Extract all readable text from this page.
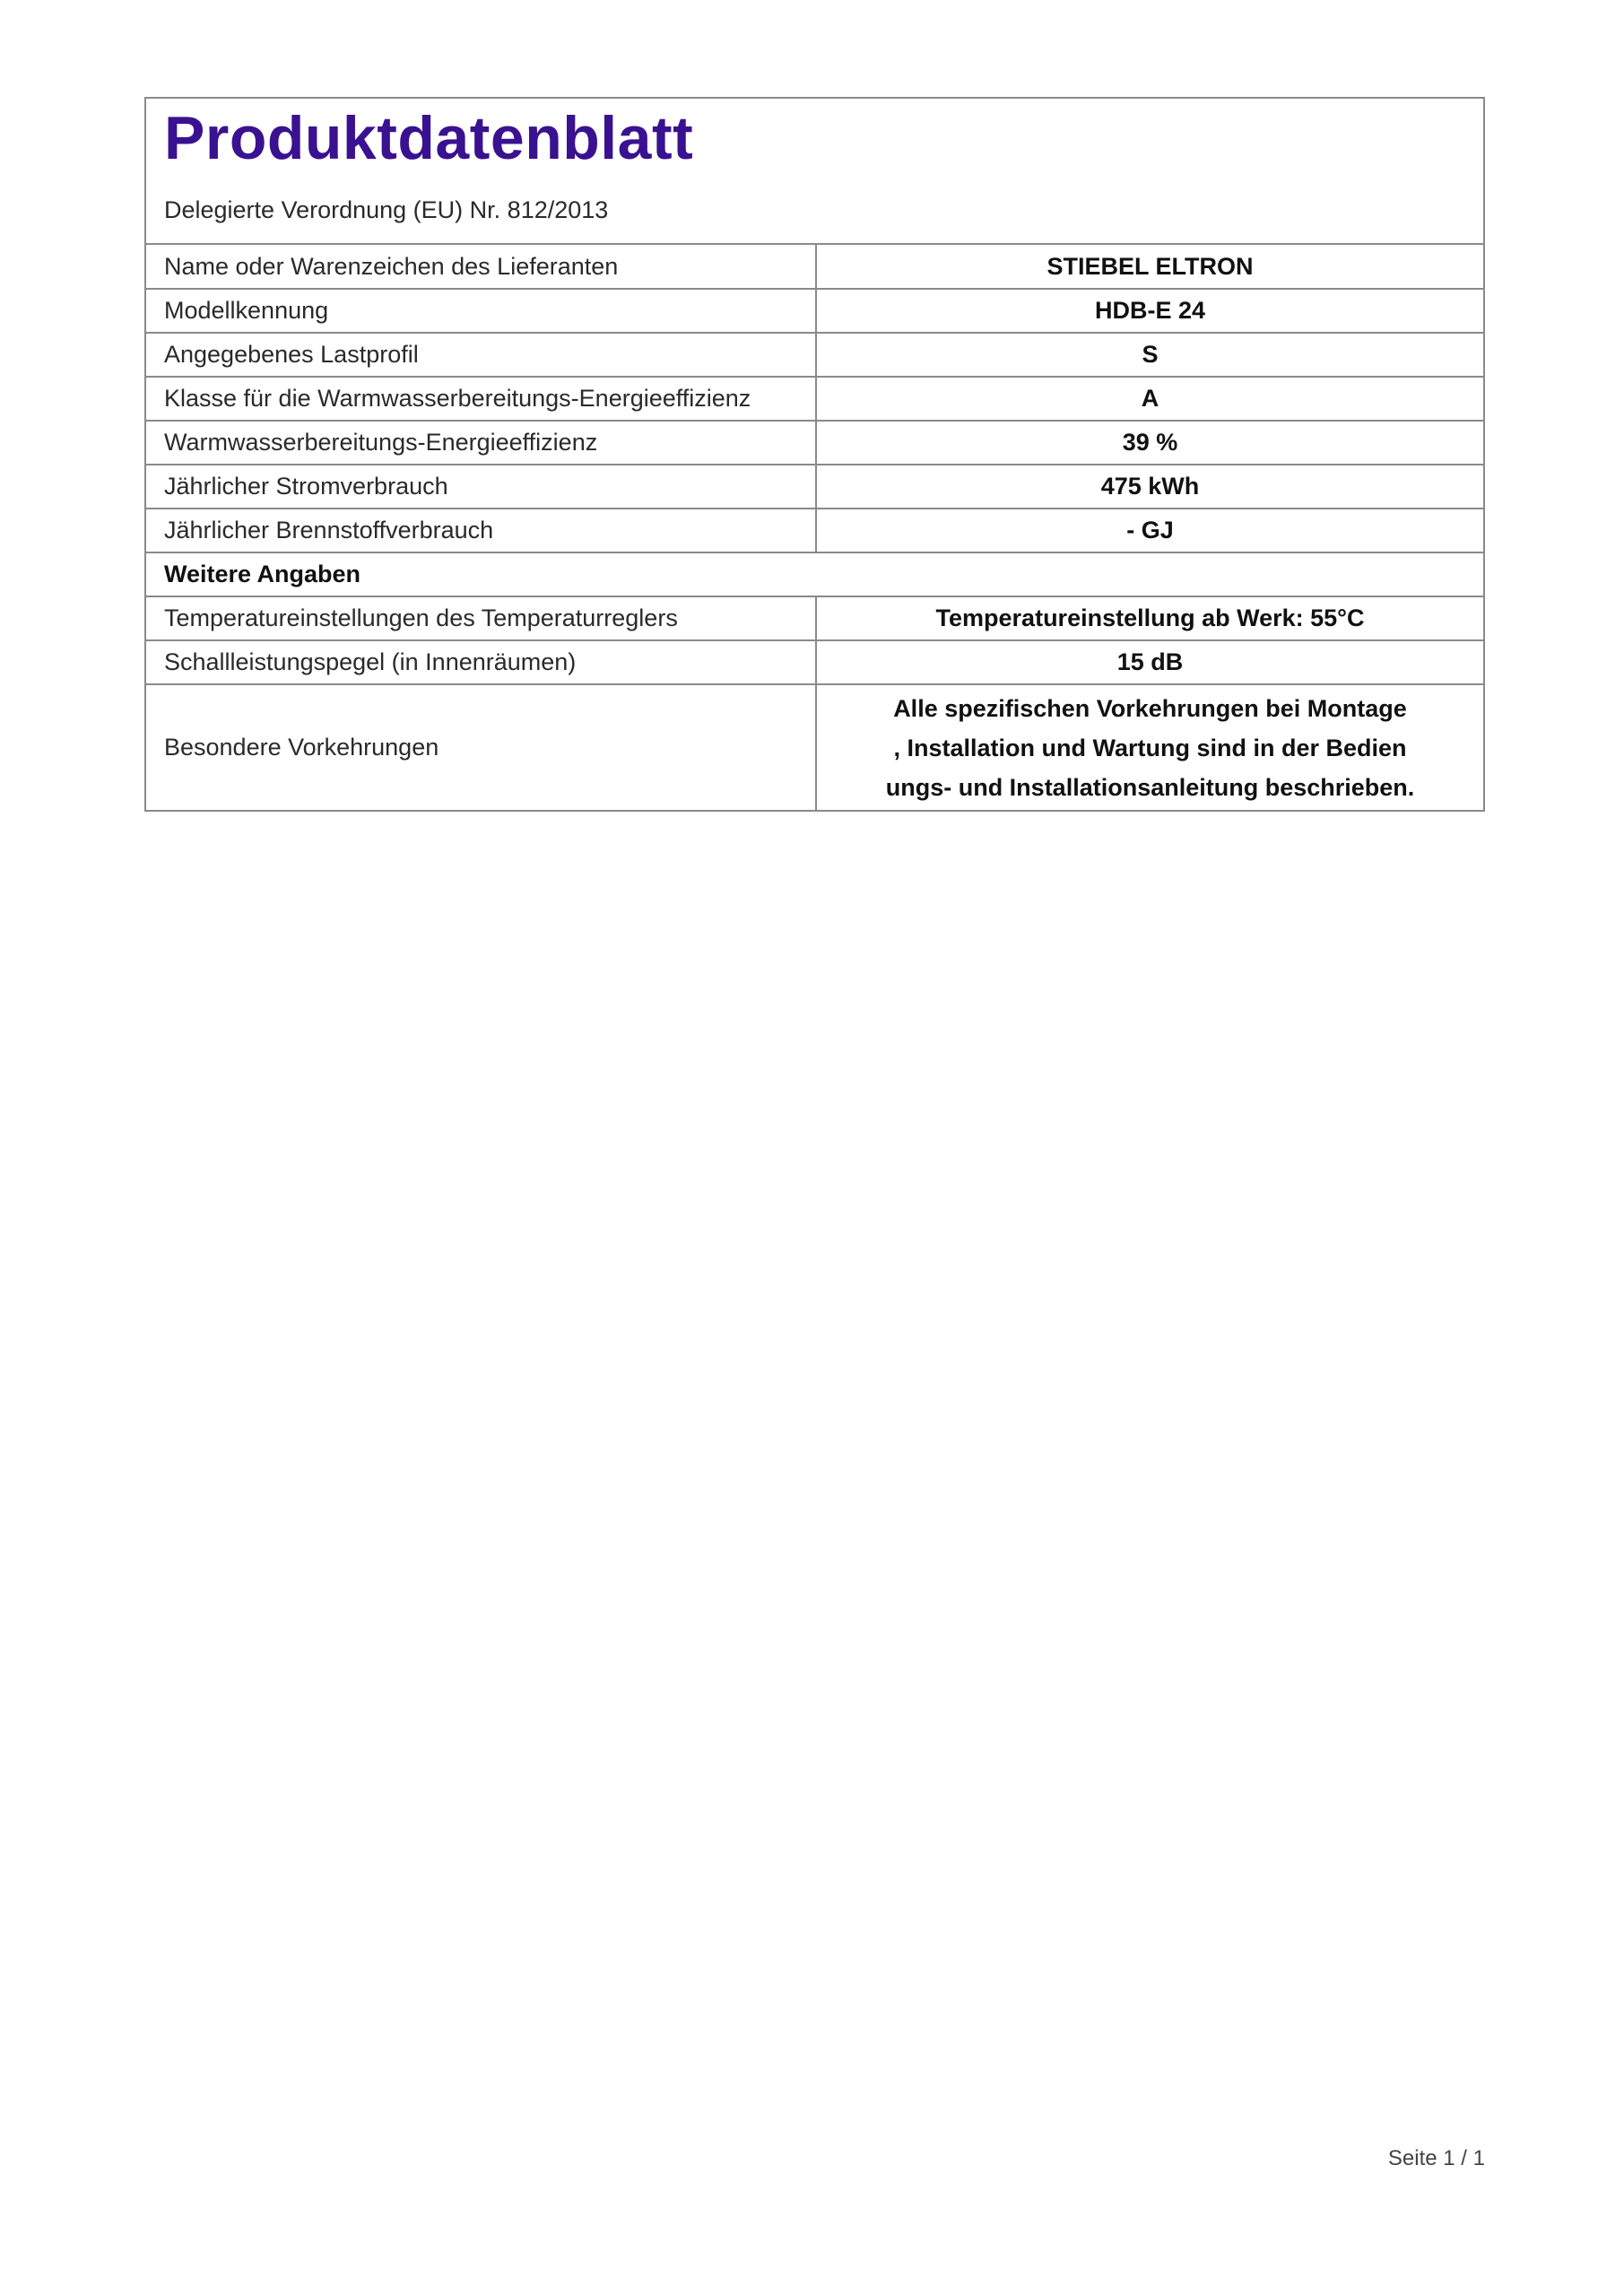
Produktdatenblatt
Delegierte Verordnung (EU) Nr. 812/2013
Name oder Warenzeichen des Lieferanten	STIEBEL ELTRON
Modellkennung	HDB-E 24
Angegebenes Lastprofil	S
Klasse für die Warmwasserbereitungs-Energieeffizienz	A
Warmwasserbereitungs-Energieeffizienz	39 %
Jährlicher Stromverbrauch	475 kWh
Jährlicher Brennstoffverbrauch	- GJ
Weitere Angaben	
Temperatureinstellungen des Temperaturreglers	Temperatureinstellung ab Werk: 55°C
Schallleistungspegel (in Innenräumen)	15 dB
Besondere Vorkehrungen	Alle spezifischen Vorkehrungen bei Montage
, Installation und Wartung sind in der Bedien
ungs- und Installationsanleitung beschrieben.
Seite 1 / 1
